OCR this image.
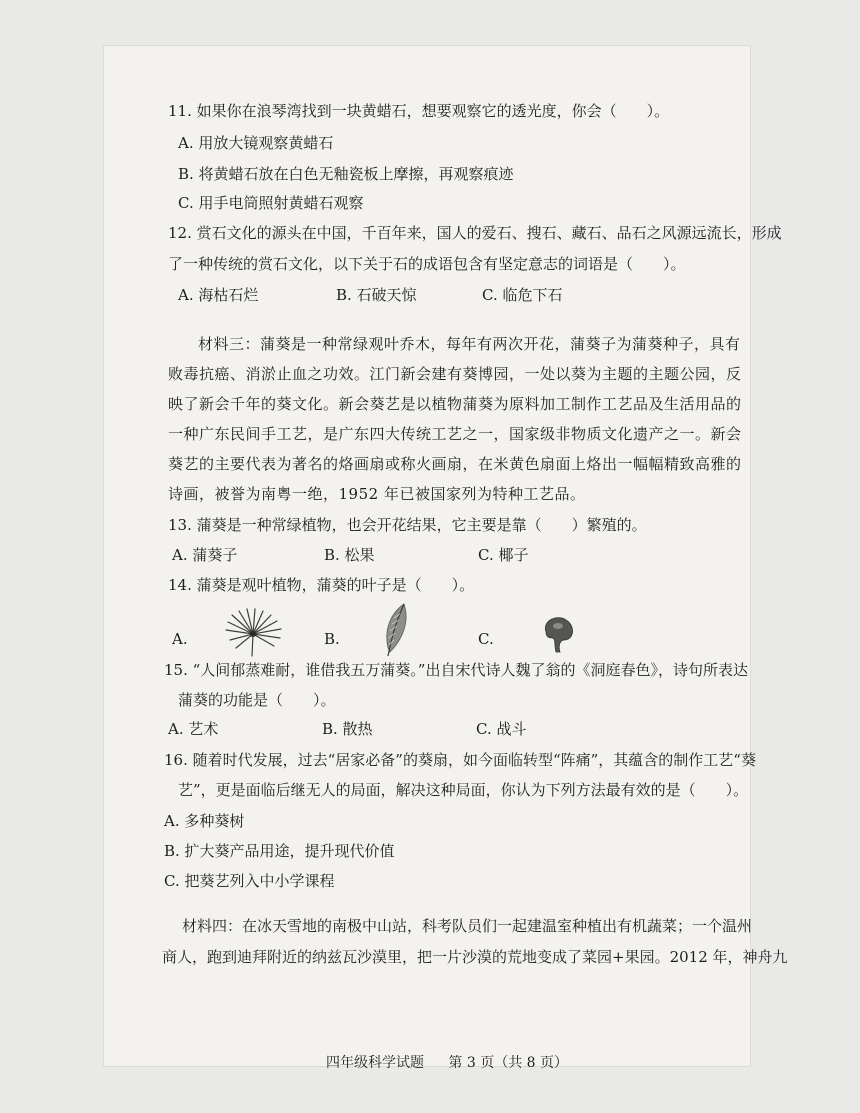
11. 如果你在浪琴湾找到一块黄蜡石，想要观察它的透光度，你会（　　）。
A. 用放大镜观察黄蜡石
B. 将黄蜡石放在白色无釉瓷板上摩擦，再观察痕迹
C. 用手电筒照射黄蜡石观察
12. 赏石文化的源头在中国，千百年来，国人的爱石、搜石、藏石、品石之风源远流长，形成
了一种传统的赏石文化，以下关于石的成语包含有坚定意志的词语是（　　）。
A. 海枯石烂	B. 石破天惊	C. 临危下石
材料三：蒲葵是一种常绿观叶乔木，每年有两次开花，蒲葵子为蒲葵种子，具有败毒抗癌、消淤止血之功效。江门新会建有葵博园，一处以葵为主题的主题公园，反映了新会千年的葵文化。新会葵艺是以植物蒲葵为原料加工制作工艺品及生活用品的一种广东民间手工艺，是广东四大传统工艺之一，国家级非物质文化遗产之一。新会葵艺的主要代表为著名的烙画扇或称火画扇，在米黄色扇面上烙出一幅幅精致高雅的诗画，被誉为南粤一绝，1952 年已被国家列为特种工艺品。
13. 蒲葵是一种常绿植物，也会开花结果，它主要是靠（　　）繁殖的。
A. 蒲葵子	B. 松果	C. 椰子
14. 蒲葵是观叶植物，蒲葵的叶子是（　　）。
A.	B.	C.
15. “人间郁蒸难耐，谁借我五万蒲葵。”出自宋代诗人魏了翁的《洞庭春色》，诗句所表达
蒲葵的功能是（　　）。
A. 艺术	B. 散热	C. 战斗
16. 随着时代发展，过去“居家必备”的葵扇，如今面临转型“阵痛”，其蕴含的制作工艺“葵
艺”，更是面临后继无人的局面，解决这种局面，你认为下列方法最有效的是（　　）。
A. 多种葵树
B. 扩大葵产品用途，提升现代价值
C. 把葵艺列入中小学课程
材料四：在冰天雪地的南极中山站，科考队员们一起建温室种植出有机蔬菜；一个温州
商人，跑到迪拜附近的纳兹瓦沙漠里，把一片沙漠的荒地变成了菜园+果园。2012 年，神舟九
四年级科学试题 第 3 页（共 8 页）
